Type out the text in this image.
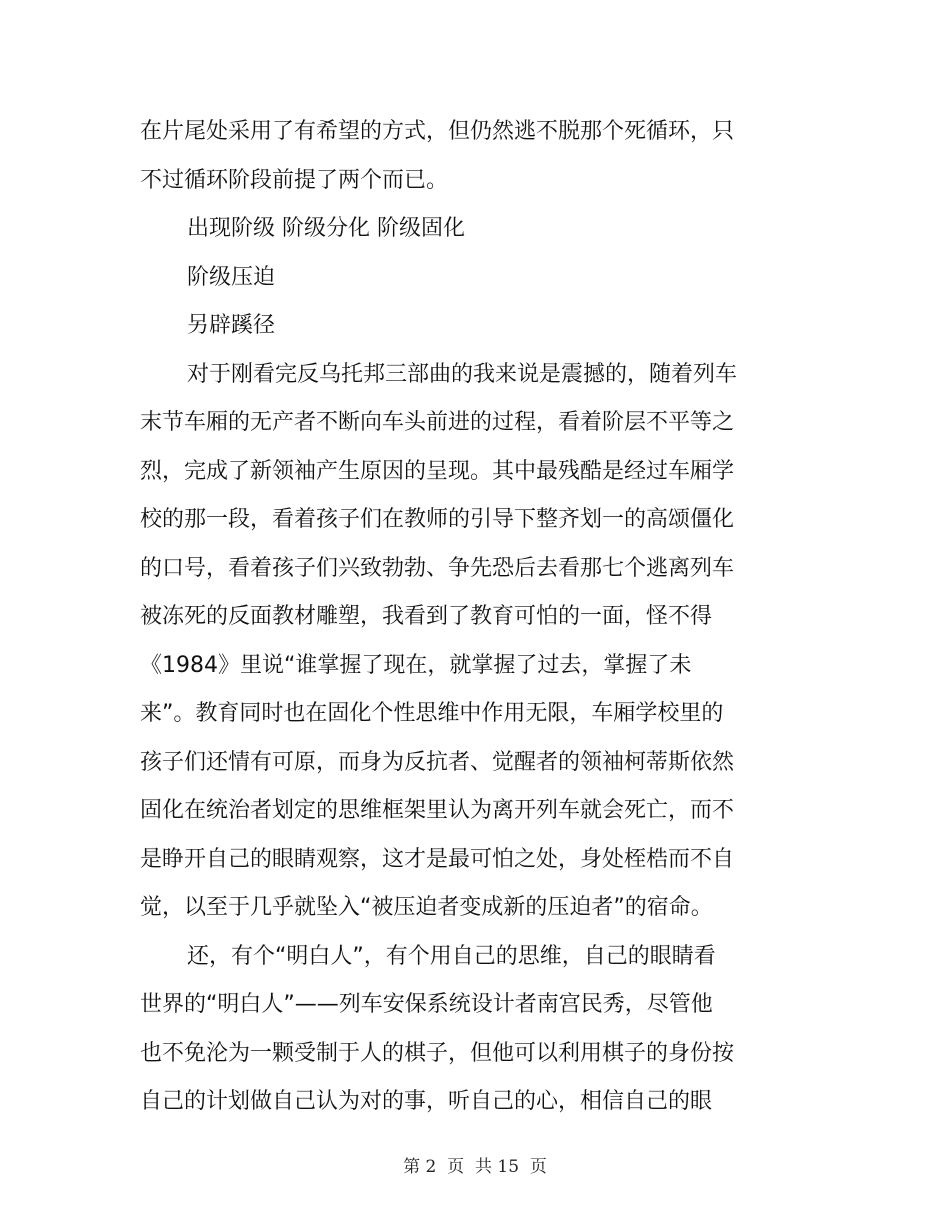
在片尾处采用了有希望的方式，但仍然逃不脱那个死循环，只
不过循环阶段前提了两个而已。
出现阶级 阶级分化 阶级固化
阶级压迫
另辟蹊径
对于刚看完反乌托邦三部曲的我来说是震撼的，随着列车
末节车厢的无产者不断向车头前进的过程，看着阶层不平等之
烈，完成了新领袖产生原因的呈现。其中最残酷是经过车厢学
校的那一段，看着孩子们在教师的引导下整齐划一的高颂僵化
的口号，看着孩子们兴致勃勃、争先恐后去看那七个逃离列车
被冻死的反面教材雕塑，我看到了教育可怕的一面，怪不得
《1984》里说“谁掌握了现在，就掌握了过去，掌握了未
来”。教育同时也在固化个性思维中作用无限，车厢学校里的
孩子们还情有可原，而身为反抗者、觉醒者的领袖柯蒂斯依然
固化在统治者划定的思维框架里认为离开列车就会死亡，而不
是睁开自己的眼睛观察，这才是最可怕之处，身处桎梏而不自
觉，以至于几乎就坠入“被压迫者变成新的压迫者”的宿命。
还，有个“明白人”，有个用自己的思维，自己的眼睛看
世界的“明白人”——列车安保系统设计者南宫民秀，尽管他
也不免沦为一颗受制于人的棋子，但他可以利用棋子的身份按
自己的计划做自己认为对的事，听自己的心，相信自己的眼
第 2  页  共 15  页
